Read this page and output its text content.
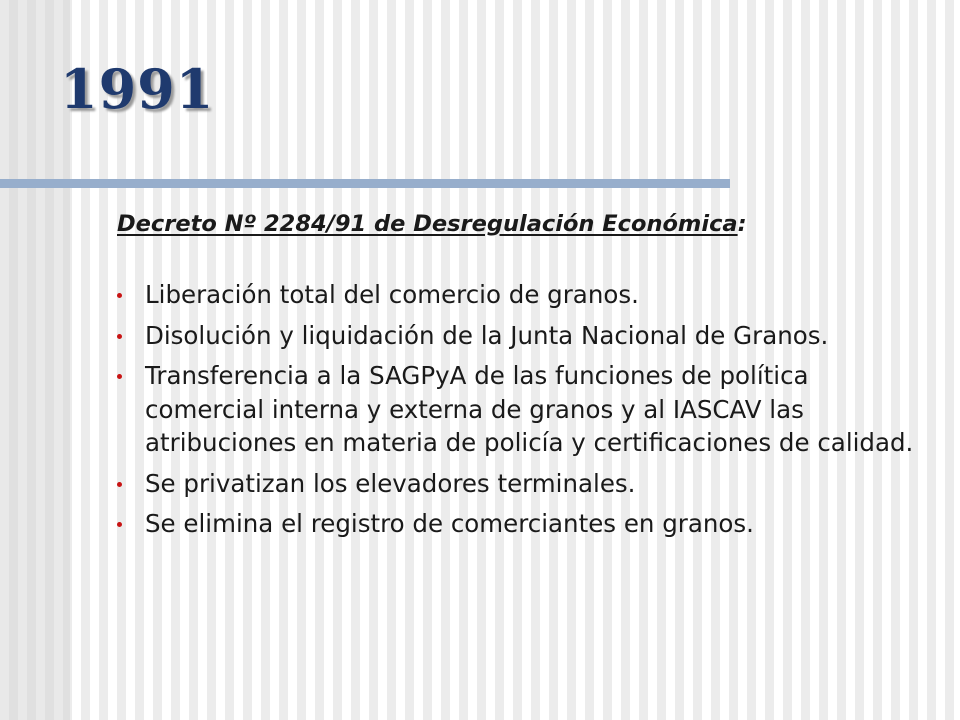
1991

Decreto Nº 2284/91 de Desregulación Económica:

Liberación total del comercio de granos.
Disolución y liquidación de la Junta Nacional de Granos.
Transferencia a la SAGPyA de las funciones de política comercial interna y externa de granos y al IASCAV las atribuciones en materia de policía y certificaciones de calidad.
Se privatizan los elevadores terminales.
Se elimina el registro de comerciantes en granos.
